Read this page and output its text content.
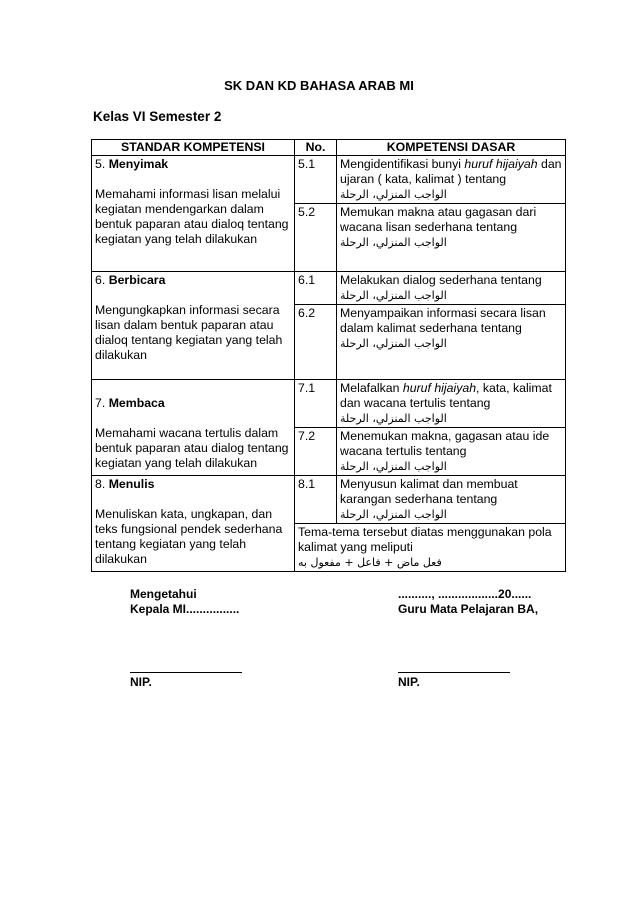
SK DAN KD BAHASA ARAB MI
Kelas VI Semester 2
STANDAR KOMPETENSI	No.	KOMPETENSI DASAR
5. Menyimak
Memahami informasi lisan melalui kegiatan mendengarkan dalam bentuk paparan atau dialoq tentang kegiatan yang telah dilakukan	5.1	Mengidentifikasi bunyi huruf hijaiyah dan ujaran ( kata, kalimat ) tentang
الواجب المنزلي، الرحلة

	5.2	Memukan makna atau gagasan dari wacana lisan sederhana tentang
الواجب المنزلي، الرحلة

6. Berbicara
Mengungkapkan informasi secara lisan dalam bentuk paparan atau dialoq tentang kegiatan yang telah dilakukan	6.1	Melakukan dialog sederhana tentang
الواجب المنزلي، الرحلة

	6.2	Menyampaikan informasi secara lisan dalam kalimat sederhana tentang
الواجب المنزلي، الرحلة

7. Membaca
Memahami wacana tertulis dalam bentuk paparan atau dialog tentang kegiatan yang telah dilakukan	7.1	Melafalkan huruf hijaiyah, kata, kalimat dan wacana tertulis tentang
الواجب المنزلي، الرحلة

	7.2	Menemukan makna, gagasan atau ide wacana tertulis tentang
الواجب المنزلي، الرحلة

8. Menulis
Menuliskan kata, ungkapan, dan teks fungsional pendek sederhana tentang kegiatan yang telah dilakukan	8.1	Menyusun kalimat dan membuat karangan sederhana tentang
الواجب المنزلي، الرحلة

	Tema-tema tersebut diatas menggunakan pola kalimat yang meliputi
فعل ماض + فاعل + مفعول به	
Mengetahui
Kepala MI................
NIP.
.........., ..................20......
Guru Mata Pelajaran BA,
NIP.
